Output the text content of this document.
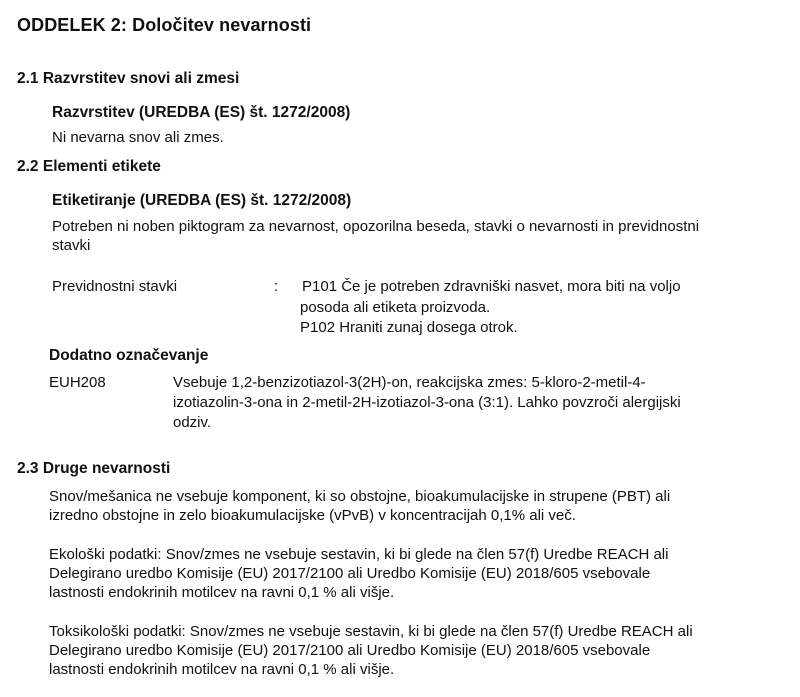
ODDELEK 2: Določitev nevarnosti
2.1 Razvrstitev snovi ali zmesi
Razvrstitev (UREDBA (ES) št. 1272/2008)
Ni nevarna snov ali zmes.
2.2 Elementi etikete
Etiketiranje (UREDBA (ES) št. 1272/2008)
Potreben ni noben piktogram za nevarnost, opozorilna beseda, stavki o nevarnosti in previdnostni
stavki
Previdnostni stavki	: P101 Če je potreben zdravniški nasvet, mora biti na voljo
posoda ali etiketa proizvoda.
P102 Hraniti zunaj dosega otrok.
Dodatno označevanje
EUH208	Vsebuje 1,2-benzizotiazol-3(2H)-on, reakcijska zmes: 5-kloro-2-metil-4-
izotiazolin-3-ona in 2-metil-2H-izotiazol-3-ona (3:1). Lahko povzroči alergijski
odziv.
2.3 Druge nevarnosti
Snov/mešanica ne vsebuje komponent, ki so obstojne, bioakumulacijske in strupene (PBT) ali
izredno obstojne in zelo bioakumulacijske (vPvB) v koncentracijah 0,1% ali več.
Ekološki podatki: Snov/zmes ne vsebuje sestavin, ki bi glede na člen 57(f) Uredbe REACH ali
Delegirano uredbo Komisije (EU) 2017/2100 ali Uredbo Komisije (EU) 2018/605 vsebovale
lastnosti endokrinih motilcev na ravni 0,1 % ali višje.
Toksikološki podatki: Snov/zmes ne vsebuje sestavin, ki bi glede na člen 57(f) Uredbe REACH ali
Delegirano uredbo Komisije (EU) 2017/2100 ali Uredbo Komisije (EU) 2018/605 vsebovale
lastnosti endokrinih motilcev na ravni 0,1 % ali višje.
